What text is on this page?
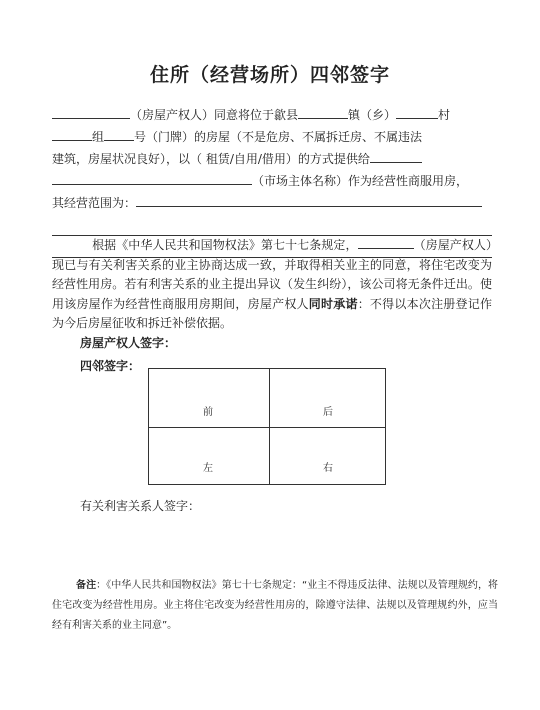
住所（经营场所）四邻签字
（房屋产权人）同意将位于歙县	镇（乡）	村
组	号（门牌）的房屋（不是危房、不属拆迁房、不属违法
建筑，房屋状况良好），以（ 租赁/自用/借用）的方式提供给
（市场主体名称）作为经营性商服用房，
其经营范围为：
根据《中华人民共和国物权法》第七十七条规定，	（房屋产权人）现已与有关利害关系的业主协商达成一致，并取得相关业主的同意，将住宅改变为经营性用房。若有利害关系的业主提出异议（发生纠纷），该公司将无条件迁出。使用该房屋作为经营性商服用房期间，房屋产权人同时承诺：不得以本次注册登记作为今后房屋征收和拆迁补偿依据。
房屋产权人签字：
四邻签字：
前	后
左	右
有关利害关系人签字：
备注：《中华人民共和国物权法》第七十七条规定：“业主不得违反法律、法规以及管理规约，将住宅改变为经营性用房。业主将住宅改变为经营性用房的，除遵守法律、法规以及管理规约外，应当经有利害关系的业主同意”。
